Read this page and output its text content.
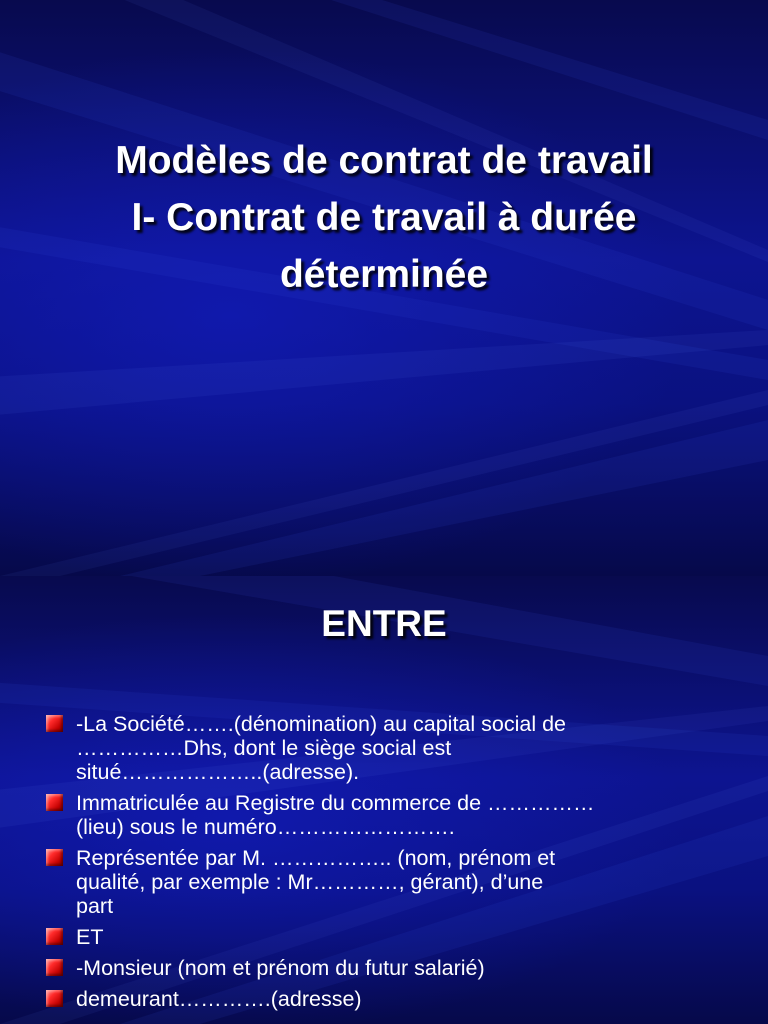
Modèles de contrat de travail
I- Contrat de travail à durée
déterminée
ENTRE
-La Société…….(dénomination) au capital social de
……………Dhs, dont le siège social est
situé………………..(adresse).
Immatriculée au Registre du commerce de ……………
(lieu) sous le numéro…………………….
Représentée par M. …………….. (nom, prénom et
qualité, par exemple : Mr…………, gérant), d’une
part
ET
-Monsieur (nom et prénom du futur salarié)
demeurant………….(adresse)
